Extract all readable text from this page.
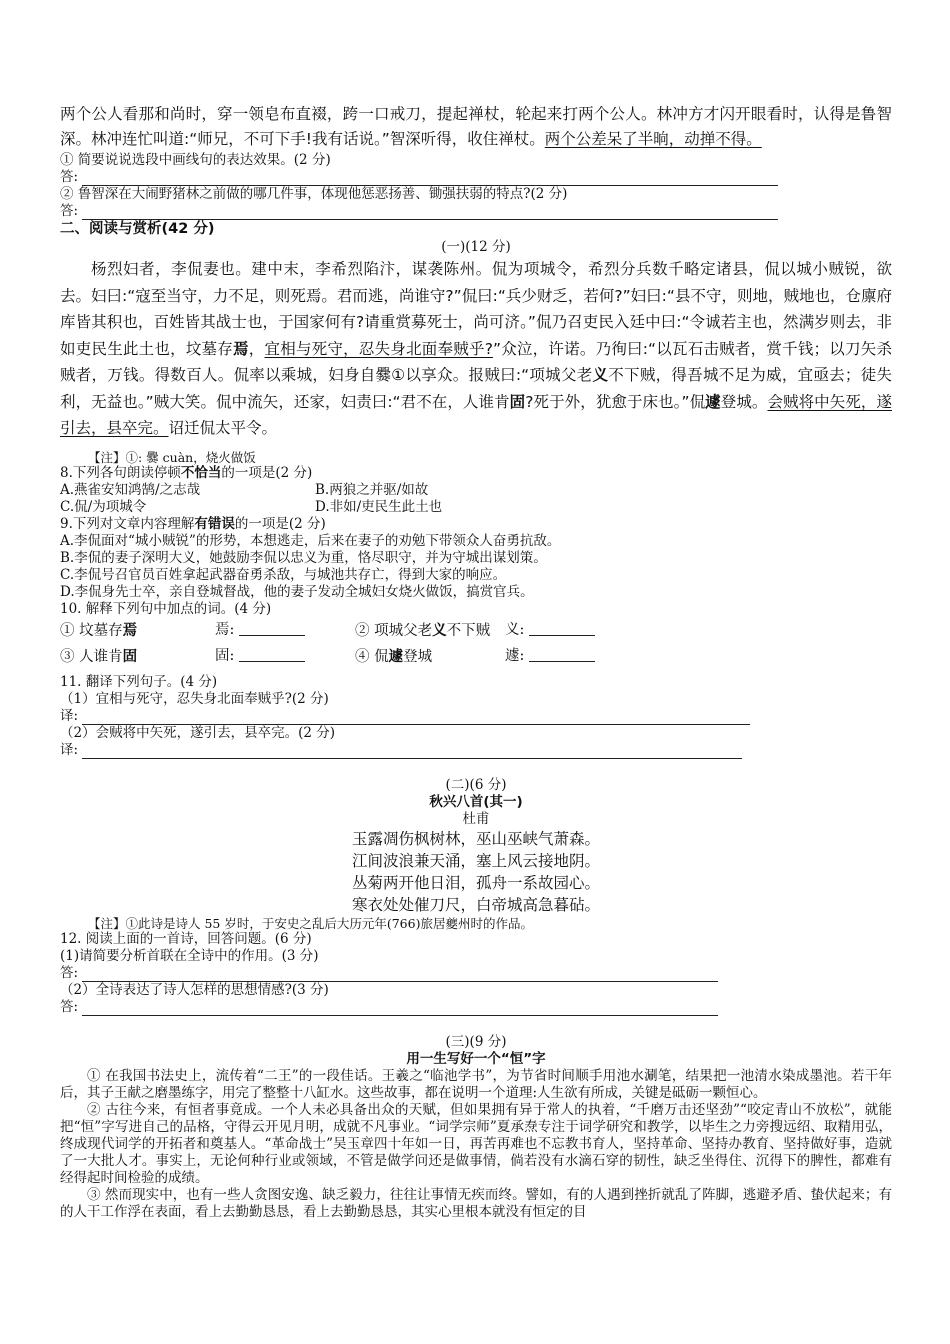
两个公人看那和尚时，穿一领皂布直裰，跨一口戒刀，提起禅杖，轮起来打两个公人。林冲方才闪开眼看时，认得是鲁智深。林冲连忙叫道:“师兄，不可下手!我有话说。”智深听得，收住禅杖。两个公差呆了半晌，动掸不得。

① 简要说说选段中画线句的表达效果。(2 分)

答:

② 鲁智深在大闹野猪林之前做的哪几件事，体现他惩恶扬善、锄强扶弱的特点?(2 分)

答:

二、阅读与赏析(42 分)

(一)(12 分)

杨烈妇者，李侃妻也。建中末，李希烈陷汴，谋袭陈州。侃为项城令，希烈分兵数千略定诸县，侃以城小贼锐，欲去。妇曰:“寇至当守，力不足，则死焉。君而逃，尚谁守?”侃曰:“兵少财乏，若何?”妇曰:“县不守，则地，贼地也，仓廪府库皆其积也，百姓皆其战士也，于国家何有?请重赏募死士，尚可济。”侃乃召吏民入廷中曰:“令诚若主也，然满岁则去，非如吏民生此土也，坟墓存焉，宜相与死守，忍失身北面奉贼乎?”众泣，许诺。乃徇曰:“以瓦石击贼者，赏千钱；以刀矢杀贼者，万钱。得数百人。侃率以乘城，妇身自爨①以享众。报贼曰:“项城父老义不下贼，得吾城不足为威，宜亟去；徒失利，无益也。”贼大笑。侃中流矢，还家，妇责曰:“君不在，人谁肯固?死于外，犹愈于床也。”侃遽登城。会贼将中矢死，遂引去，县卒完。诏迁侃太平令。

【注】①: 爨 cuàn，烧火做饭

8.下列各句朗读停顿不恰当的一项是(2 分)

A.燕雀安知鸿鹄/之志哉	B.两狼之并驱/如故
C.侃/为项城令	D.非如/吏民生此土也

9.下列对文章内容理解有错误的一项是(2 分)

A.李侃面对“城小贼锐”的形势，本想逃走，后来在妻子的劝勉下带领众人奋勇抗敌。

B.李侃的妻子深明大义，她鼓励李侃以忠义为重，恪尽职守，并为守城出谋划策。

C.李侃号召官员百姓拿起武器奋勇杀敌，与城池共存亡，得到大家的响应。

D.李侃身先士卒，亲自登城督战，他的妻子发动全城妇女烧火做饭，搞赏官兵。

10. 解释下列句中加点的词。(4 分)

① 坟墓存焉	焉:	② 项城父老义不下贼	义:
③ 人谁肯固	固:	④ 侃遽登城	遽:

11. 翻译下列句子。(4 分)

（1）宜相与死守，忍失身北面奉贼乎?(2 分)

译:

（2）会贼将中矢死，遂引去，县卒完。(2 分)

译:

(二)(6 分)

秋兴八首(其一)

杜甫

玉露凋伤枫树林，巫山巫峡气萧森。

江间波浪兼天涌，塞上风云接地阴。

丛菊两开他日泪，孤舟一系故园心。

寒衣处处催刀尺，白帝城高急暮砧。

【注】①此诗是诗人 55 岁时，于安史之乱后大历元年(766)旅居夔州时的作品。

12. 阅读上面的一首诗，回答问题。(6 分)

(1)请简要分析首联在全诗中的作用。(3 分)

答:

（2）全诗表达了诗人怎样的思想情感?(3 分)

答:

(三)(9 分)

用一生写好一个“恒”字

① 在我国书法史上，流传着“二王”的一段佳话。王羲之“临池学书”，为节省时间顺手用池水涮笔，结果把一池清水染成墨池。若干年后，其子王献之磨墨练字，用完了整整十八缸水。这些故事，都在说明一个道理:人生欲有所成，关键是砥砺一颗恒心。

② 古往今来，有恒者事竟成。一个人未必具备出众的天赋，但如果拥有异于常人的执着，“千磨万击还坚劲”“咬定青山不放松”，就能把“恒”字写进自己的品格，守得云开见月明，成就不凡事业。“词学宗师”夏承焘专注于词学研究和教学，以毕生之力旁搜远绍、取精用弘，终成现代词学的开拓者和奠基人。“革命战士”吴玉章四十年如一日，再苦再难也不忘教书育人，坚持革命、坚持办教育、坚持做好事，造就了一大批人才。事实上，无论何种行业或领域，不管是做学问还是做事情，倘若没有水滴石穿的韧性，缺乏坐得住、沉得下的脾性，都难有经得起时间检验的成绩。

③ 然而现实中，也有一些人贪图安逸、缺乏毅力，往往让事情无疾而终。譬如，有的人遇到挫折就乱了阵脚，逃避矛盾、蛰伏起来；有的人干工作浮在表面，看上去勤勤恳恳，看上去勤勤恳恳，其实心里根本就没有恒定的目
